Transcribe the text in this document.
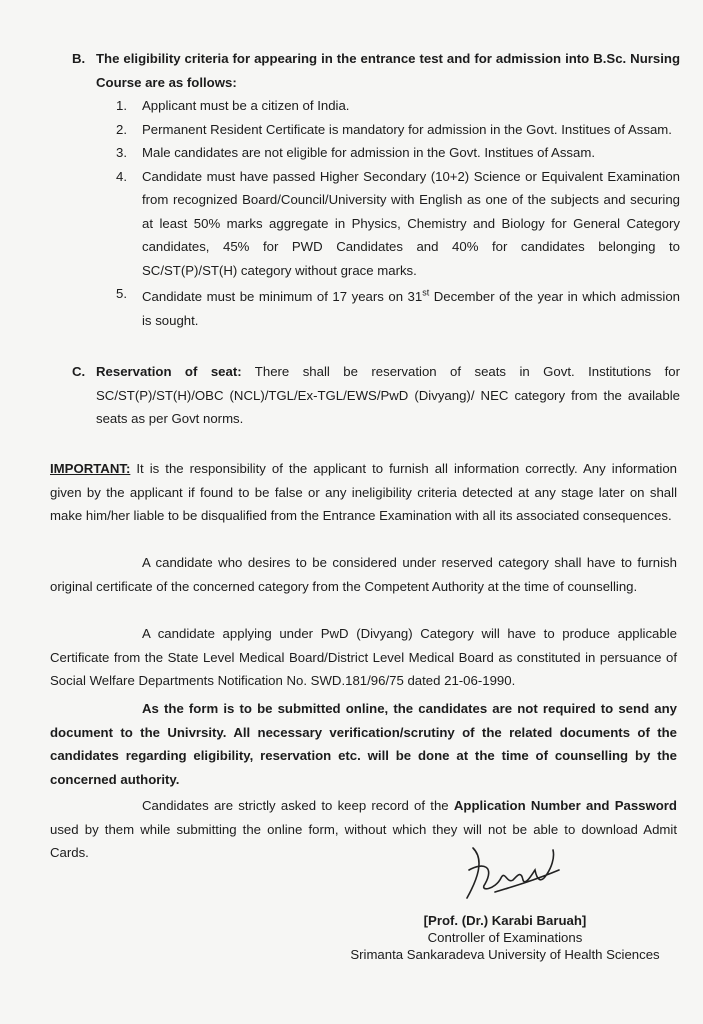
B. The eligibility criteria for appearing in the entrance test and for admission into B.Sc. Nursing Course are as follows:
1. Applicant must be a citizen of India.
2. Permanent Resident Certificate is mandatory for admission in the Govt. Institues of Assam.
3. Male candidates are not eligible for admission in the Govt. Institues of Assam.
4. Candidate must have passed Higher Secondary (10+2) Science or Equivalent Examination from recognized Board/Council/University with English as one of the subjects and securing at least 50% marks aggregate in Physics, Chemistry and Biology for General Category candidates, 45% for PWD Candidates and 40% for candidates belonging to SC/ST(P)/ST(H) category without grace marks.
5. Candidate must be minimum of 17 years on 31st December of the year in which admission is sought.
C. Reservation of seat: There shall be reservation of seats in Govt. Institutions for SC/ST(P)/ST(H)/OBC (NCL)/TGL/Ex-TGL/EWS/PwD (Divyang)/ NEC category from the available seats as per Govt norms.
IMPORTANT: It is the responsibility of the applicant to furnish all information correctly. Any information given by the applicant if found to be false or any ineligibility criteria detected at any stage later on shall make him/her liable to be disqualified from the Entrance Examination with all its associated consequences.
A candidate who desires to be considered under reserved category shall have to furnish original certificate of the concerned category from the Competent Authority at the time of counselling.
A candidate applying under PwD (Divyang) Category will have to produce applicable Certificate from the State Level Medical Board/District Level Medical Board as constituted in persuance of Social Welfare Departments Notification No. SWD.181/96/75 dated 21-06-1990.
As the form is to be submitted online, the candidates are not required to send any document to the Univrsity. All necessary verification/scrutiny of the related documents of the candidates regarding eligibility, reservation etc. will be done at the time of counselling by the concerned authority.
Candidates are strictly asked to keep record of the Application Number and Password used by them while submitting the online form, without which they will not be able to download Admit Cards.
[Prof. (Dr.) Karabi Baruah]
Controller of Examinations
Srimanta Sankaradeva University of Health Sciences
